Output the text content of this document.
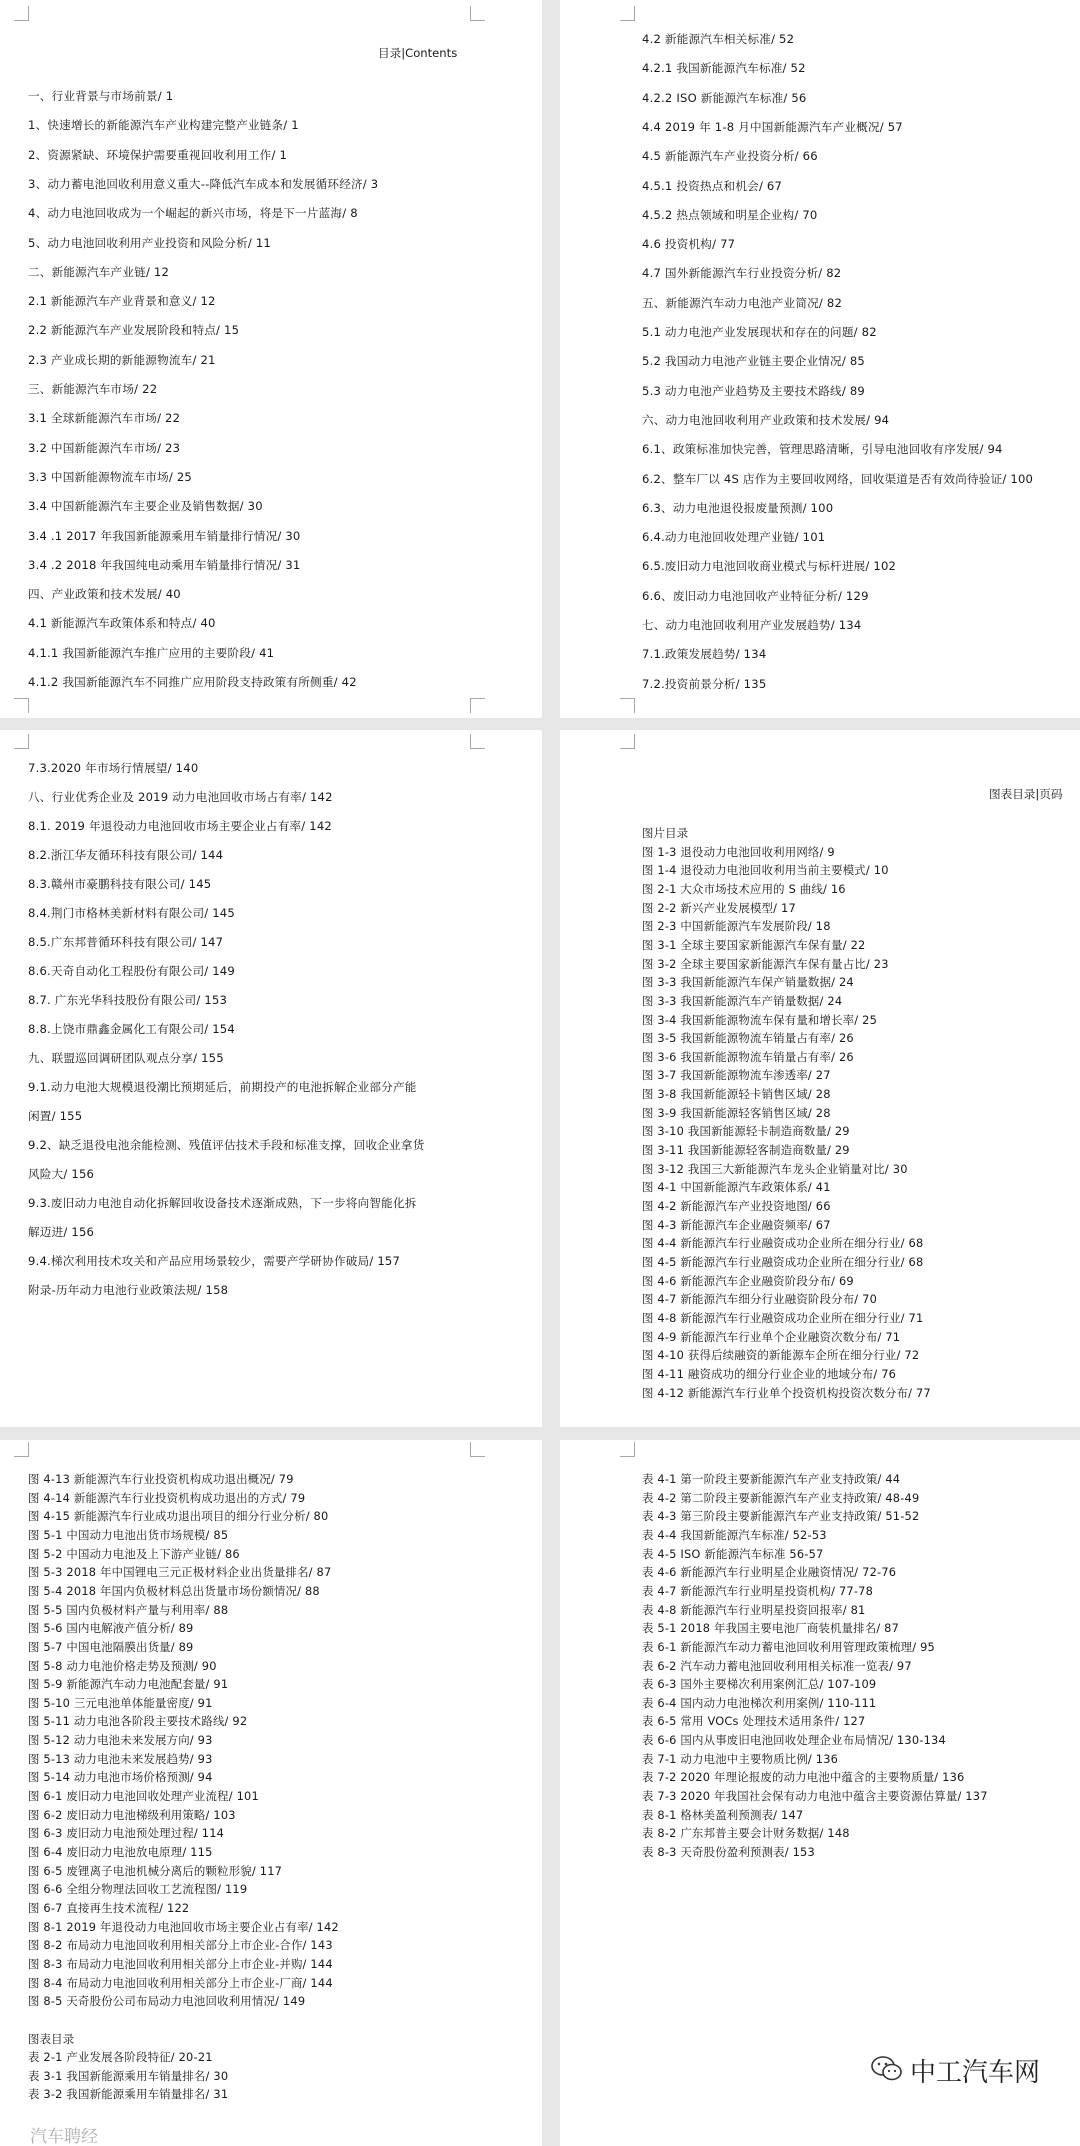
目录|Contents
一、行业背景与市场前景/ 1
1、快速增长的新能源汽车产业构建完整产业链条/ 1
2、资源紧缺、环境保护需要重视回收利用工作/ 1
3、动力蓄电池回收利用意义重大--降低汽车成本和发展循环经济/ 3
4、动力电池回收成为一个崛起的新兴市场，将是下一片蓝海/ 8
5、动力电池回收利用产业投资和风险分析/ 11
二、新能源汽车产业链/ 12
2.1 新能源汽车产业背景和意义/ 12
2.2 新能源汽车产业发展阶段和特点/ 15
2.3 产业成长期的新能源物流车/ 21
三、新能源汽车市场/ 22
3.1 全球新能源汽车市场/ 22
3.2 中国新能源汽车市场/ 23
3.3 中国新能源物流车市场/ 25
3.4 中国新能源汽车主要企业及销售数据/ 30
3.4 .1 2017 年我国新能源乘用车销量排行情况/ 30
3.4 .2 2018 年我国纯电动乘用车销量排行情况/ 31
四、产业政策和技术发展/ 40
4.1 新能源汽车政策体系和特点/ 40
4.1.1 我国新能源汽车推广应用的主要阶段/ 41
4.1.2 我国新能源汽车不同推广应用阶段支持政策有所侧重/ 42
4.2 新能源汽车相关标准/ 52
4.2.1 我国新能源汽车标准/ 52
4.2.2 ISO 新能源汽车标准/ 56
4.4 2019 年 1-8 月中国新能源汽车产业概况/ 57
4.5 新能源汽车产业投资分析/ 66
4.5.1 投资热点和机会/ 67
4.5.2 热点领域和明星企业构/ 70
4.6 投资机构/ 77
4.7 国外新能源汽车行业投资分析/ 82
五、新能源汽车动力电池产业简况/ 82
5.1 动力电池产业发展现状和存在的问题/ 82
5.2 我国动力电池产业链主要企业情况/ 85
5.3 动力电池产业趋势及主要技术路线/ 89
六、动力电池回收利用产业政策和技术发展/ 94
6.1、政策标准加快完善，管理思路清晰，引导电池回收有序发展/ 94
6.2、整车厂以 4S 店作为主要回收网络，回收渠道是否有效尚待验证/ 100
6.3、动力电池退役报废量预测/ 100
6.4.动力电池回收处理产业链/ 101
6.5.废旧动力电池回收商业模式与标杆进展/ 102
6.6、废旧动力电池回收产业特征分析/ 129
七、动力电池回收利用产业发展趋势/ 134
7.1.政策发展趋势/ 134
7.2.投资前景分析/ 135
7.3.2020 年市场行情展望/ 140
八、行业优秀企业及 2019 动力电池回收市场占有率/ 142
8.1. 2019 年退役动力电池回收市场主要企业占有率/ 142
8.2.浙江华友循环科技有限公司/ 144
8.3.赣州市豪鹏科技有限公司/ 145
8.4.荆门市格林美新材料有限公司/ 145
8.5.广东邦普循环科技有限公司/ 147
8.6.天奇自动化工程股份有限公司/ 149
8.7. 广东光华科技股份有限公司/ 153
8.8.上饶市鼎鑫金属化工有限公司/ 154
九、联盟巡回调研团队观点分享/ 155
9.1.动力电池大规模退役潮比预期延后，前期投产的电池拆解企业部分产能
闲置/ 155
9.2、缺乏退役电池余能检测、残值评估技术手段和标准支撑，回收企业拿货
风险大/ 156
9.3.废旧动力电池自动化拆解回收设备技术逐渐成熟，下一步将向智能化拆
解迈进/ 156
9.4.梯次利用技术攻关和产品应用场景较少，需要产学研协作破局/ 157
附录-历年动力电池行业政策法规/ 158
图表目录|页码
图片目录
图 1-3 退役动力电池回收利用网络/ 9
图 1-4 退役动力电池回收利用当前主要模式/ 10
图 2-1 大众市场技术应用的 S 曲线/ 16
图 2-2 新兴产业发展模型/ 17
图 2-3 中国新能源汽车发展阶段/ 18
图 3-1 全球主要国家新能源汽车保有量/ 22
图 3-2 全球主要国家新能源汽车保有量占比/ 23
图 3-3 我国新能源汽车保产销量数据/ 24
图 3-3 我国新能源汽车产销量数据/ 24
图 3-4 我国新能源物流车保有量和增长率/ 25
图 3-5 我国新能源物流车销量占有率/ 26
图 3-6 我国新能源物流车销量占有率/ 26
图 3-7 我国新能源物流车渗透率/ 27
图 3-8 我国新能源轻卡销售区域/ 28
图 3-9 我国新能源轻客销售区域/ 28
图 3-10 我国新能源轻卡制造商数量/ 29
图 3-11 我国新能源轻客制造商数量/ 29
图 3-12 我国三大新能源汽车龙头企业销量对比/ 30
图 4-1 中国新能源汽车政策体系/ 41
图 4-2 新能源汽车产业投资地图/ 66
图 4-3 新能源汽车企业融资频率/ 67
图 4-4 新能源汽车行业融资成功企业所在细分行业/ 68
图 4-5 新能源汽车行业融资成功企业所在细分行业/ 68
图 4-6 新能源汽车企业融资阶段分布/ 69
图 4-7 新能源汽车细分行业融资阶段分布/ 70
图 4-8 新能源汽车行业融资成功企业所在细分行业/ 71
图 4-9 新能源汽车行业单个企业融资次数分布/ 71
图 4-10 获得后续融资的新能源车企所在细分行业/ 72
图 4-11 融资成功的细分行业企业的地域分布/ 76
图 4-12 新能源汽车行业单个投资机构投资次数分布/ 77
图 4-13 新能源汽车行业投资机构成功退出概况/ 79
图 4-14 新能源汽车行业投资机构成功退出的方式/ 79
图 4-15 新能源汽车行业成功退出项目的细分行业分析/ 80
图 5-1 中国动力电池出货市场规模/ 85
图 5-2 中国动力电池及上下游产业链/ 86
图 5-3 2018 年中国锂电三元正极材料企业出货量排名/ 87
图 5-4 2018 年国内负极材料总出货量市场份额情况/ 88
图 5-5 国内负极材料产量与利用率/ 88
图 5-6 国内电解液产值分析/ 89
图 5-7 中国电池隔膜出货量/ 89
图 5-8 动力电池价格走势及预测/ 90
图 5-9 新能源汽车动力电池配套量/ 91
图 5-10 三元电池单体能量密度/ 91
图 5-11 动力电池各阶段主要技术路线/ 92
图 5-12 动力电池未来发展方向/ 93
图 5-13 动力电池未来发展趋势/ 93
图 5-14 动力电池市场价格预测/ 94
图 6-1 废旧动力电池回收处理产业流程/ 101
图 6-2 废旧动力电池梯级利用策略/ 103
图 6-3 废旧动力电池预处理过程/ 114
图 6-4 废旧动力电池放电原理/ 115
图 6-5 废锂离子电池机械分离后的颗粒形貌/ 117
图 6-6 全组分物理法回收工艺流程图/ 119
图 6-7 直接再生技术流程/ 122
图 8-1 2019 年退役动力电池回收市场主要企业占有率/ 142
图 8-2 布局动力电池回收利用相关部分上市企业-合作/ 143
图 8-3 布局动力电池回收利用相关部分上市企业-并购/ 144
图 8-4 布局动力电池回收利用相关部分上市企业-厂商/ 144
图 8-5 天奇股份公司布局动力电池回收利用情况/ 149
图表目录
表 2-1 产业发展各阶段特征/ 20-21
表 3-1 我国新能源乘用车销量排名/ 30
表 3-2 我国新能源乘用车销量排名/ 31
汽车聘经
表 4-1 第一阶段主要新能源汽车产业支持政策/ 44
表 4-2 第二阶段主要新能源汽车产业支持政策/ 48-49
表 4-3 第三阶段主要新能源汽车产业支持政策/ 51-52
表 4-4 我国新能源汽车标准/ 52-53
表 4-5 ISO 新能源汽车标准 56-57
表 4-6 新能源汽车行业明星企业融资情况/ 72-76
表 4-7 新能源汽车行业明星投资机构/ 77-78
表 4-8 新能源汽车行业明星投资回报率/ 81
表 5-1 2018 年我国主要电池厂商装机量排名/ 87
表 6-1 新能源汽车动力蓄电池回收利用管理政策梳理/ 95
表 6-2 汽车动力蓄电池回收利用相关标准一览表/ 97
表 6-3 国外主要梯次利用案例汇总/ 107-109
表 6-4 国内动力电池梯次利用案例/ 110-111
表 6-5 常用 VOCs 处理技术适用条件/ 127
表 6-6 国内从事废旧电池回收处理企业布局情况/ 130-134
表 7-1 动力电池中主要物质比例/ 136
表 7-2 2020 年理论报废的动力电池中蕴含的主要物质量/ 136
表 7-3 2020 年我国社会保有动力电池中蕴含主要资源估算量/ 137
表 8-1 格林美盈利预测表/ 147
表 8-2 广东邦普主要会计财务数据/ 148
表 8-3 天奇股份盈利预测表/ 153
中工汽车网
